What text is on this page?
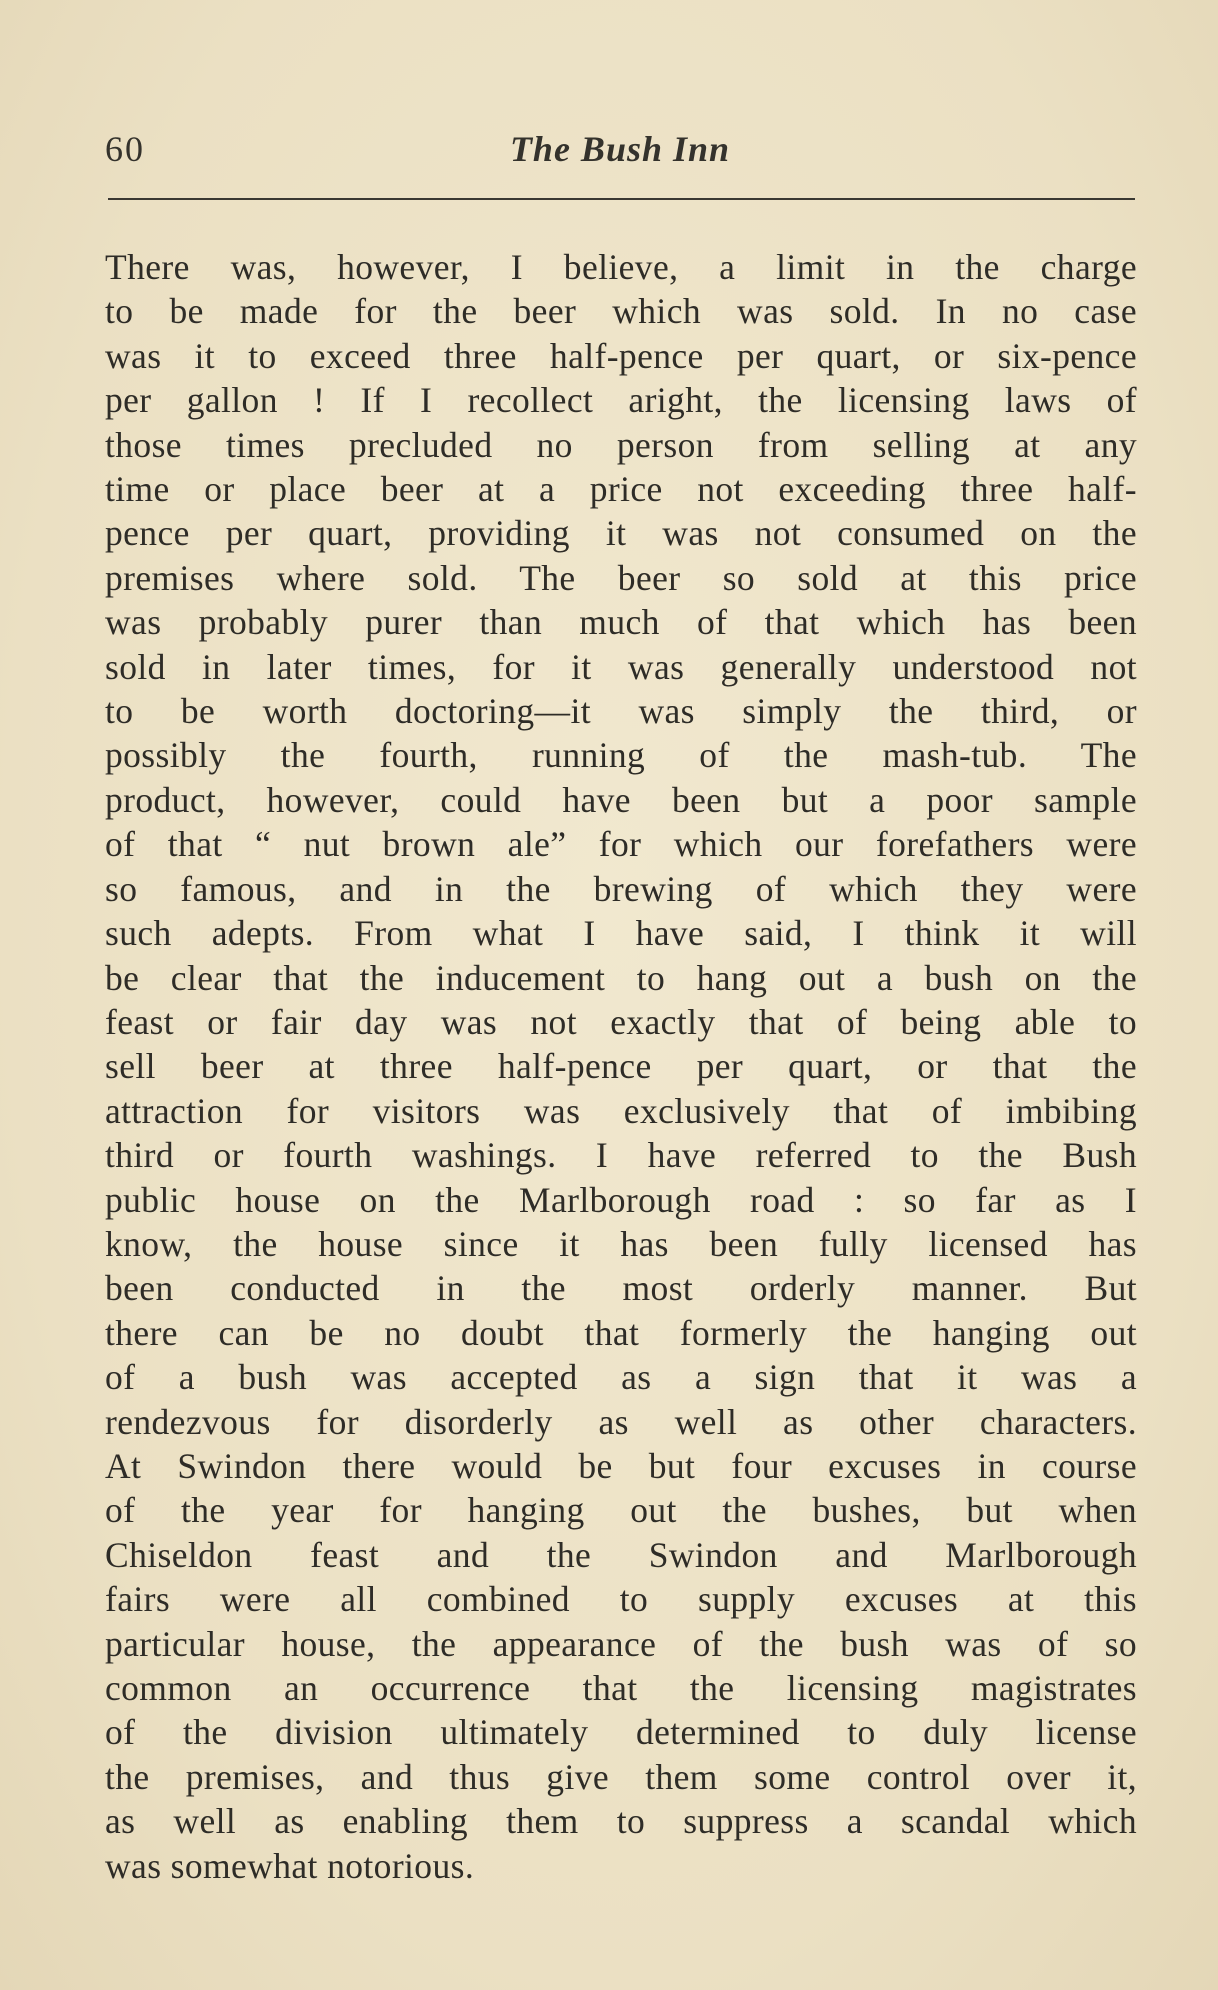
60	The Bush Inn
There was, however, I believe, a limit in the charge
to be made for the beer which was sold. In no case
was it to exceed three half-pence per quart, or six-pence
per gallon ! If I recollect aright, the licensing laws of
those times precluded no person from selling at any
time or place beer at a price not exceeding three half-
pence per quart, providing it was not consumed on the
premises where sold. The beer so sold at this price
was probably purer than much of that which has been
sold in later times, for it was generally understood not
to be worth doctoring—it was simply the third, or
possibly the fourth, running of the mash-tub. The
product, however, could have been but a poor sample
of that “ nut brown ale” for which our forefathers were
so famous, and in the brewing of which they were
such adepts. From what I have said, I think it will
be clear that the inducement to hang out a bush on the
feast or fair day was not exactly that of being able to
sell beer at three half-pence per quart, or that the
attraction for visitors was exclusively that of imbibing
third or fourth washings. I have referred to the Bush
public house on the Marlborough road : so far as I
know, the house since it has been fully licensed has
been conducted in the most orderly manner. But
there can be no doubt that formerly the hanging out
of a bush was accepted as a sign that it was a
rendezvous for disorderly as well as other characters.
At Swindon there would be but four excuses in course
of the year for hanging out the bushes, but when
Chiseldon feast and the Swindon and Marlborough
fairs were all combined to supply excuses at this
particular house, the appearance of the bush was of so
common an occurrence that the licensing magistrates
of the division ultimately determined to duly license
the premises, and thus give them some control over it,
as well as enabling them to suppress a scandal which
was somewhat notorious.
